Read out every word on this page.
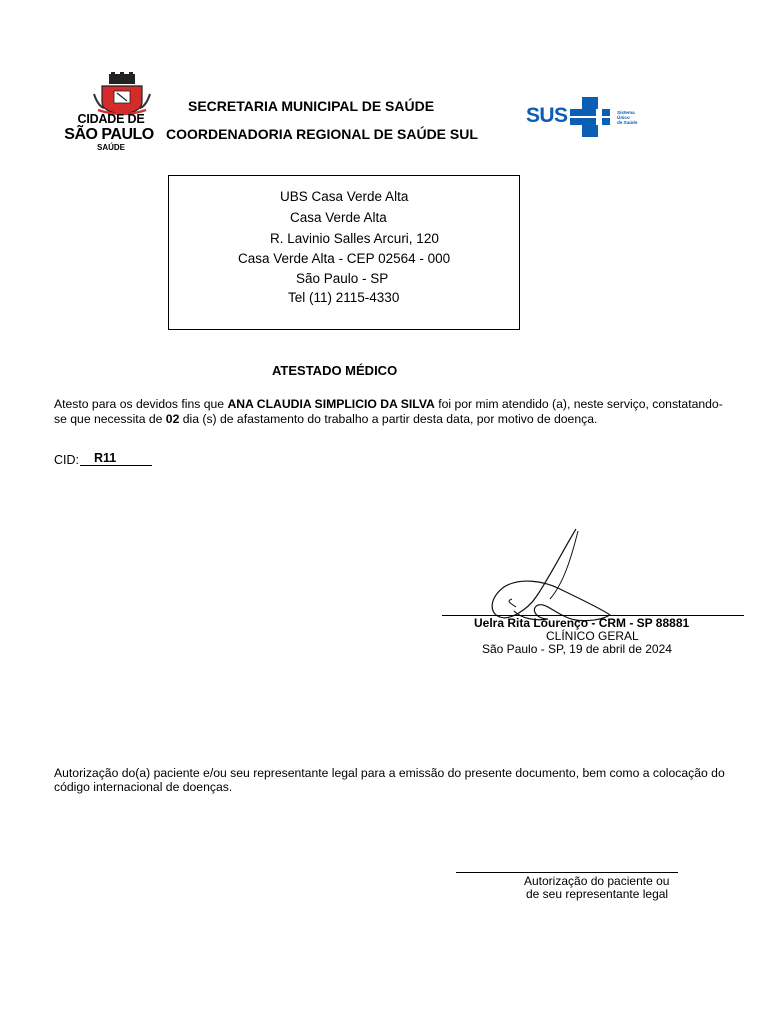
CIDADE DE
SÃO PAULO
SAÚDE
SECRETARIA MUNICIPAL DE SAÚDE
COORDENADORIA REGIONAL DE SAÚDE SUL
SUS	Sistema
Único
de Saúde
UBS Casa Verde Alta
Casa Verde Alta
R. Lavinio Salles Arcuri, 120
Casa Verde Alta - CEP 02564 - 000
São Paulo - SP
Tel (11) 2115-4330
ATESTADO MÉDICO
Atesto para os devidos fins que ANA CLAUDIA SIMPLICIO DA SILVA foi por mim atendido (a), neste serviço, constatando-se que necessita de 02 dia (s) de afastamento do trabalho a partir desta data, por motivo de doença.
CID: R11
Uelra Rita Lourenço - CRM - SP 88881
CLÍNICO GERAL
São Paulo - SP, 19 de abril de 2024
Autorização do(a) paciente e/ou seu representante legal para a emissão do presente documento, bem como a colocação do código internacional de doenças.
Autorização do paciente ou
de seu representante legal
